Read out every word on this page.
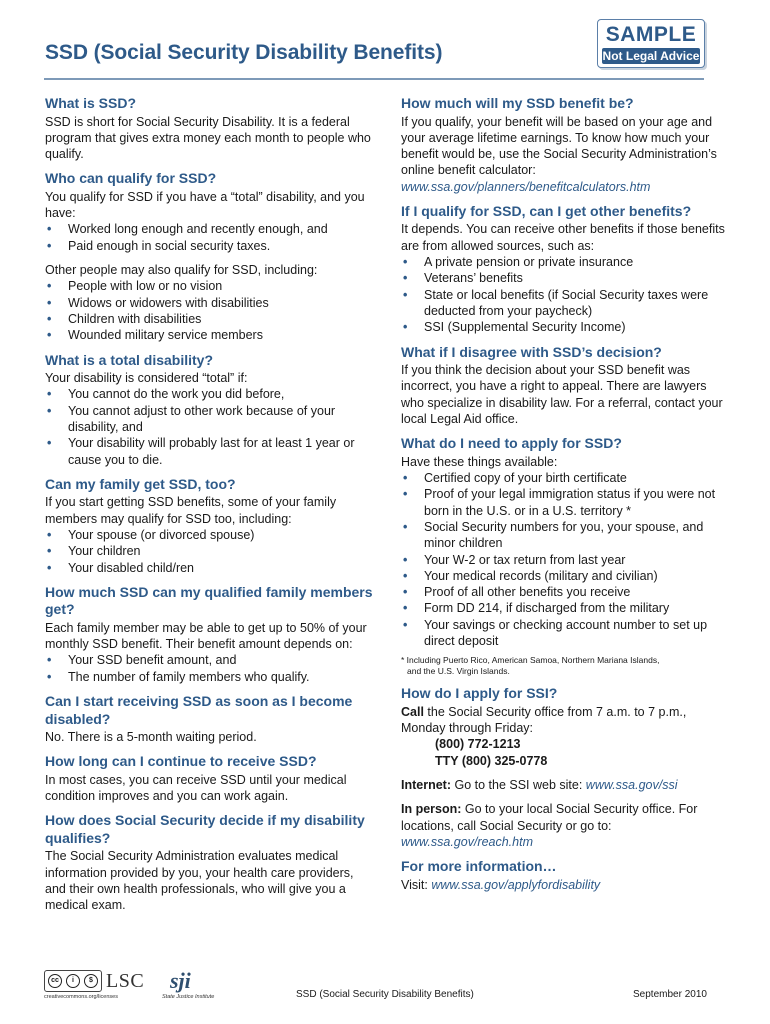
SSD (Social Security Disability Benefits)
SAMPLE
Not Legal Advice
What is SSD?

SSD is short for Social Security Disability. It is a federal program that gives extra money each month to people who qualify.

Who can qualify for SSD?

You qualify for SSD if you have a “total” disability, and you have:

• Worked long enough and recently enough, and
• Paid enough in social security taxes.

Other people may also qualify for SSD, including:

• People with low or no vision
• Widows or widowers with disabilities
• Children with disabilities
• Wounded military service members
What is a total disability?

Your disability is considered “total” if:

• You cannot do the work you did before,
• You cannot adjust to other work because of your disability, and
• Your disability will probably last for at least 1 year or cause you to die.
Can my family get SSD, too?

If you start getting SSD benefits, some of your family members may qualify for SSD too, including:

• Your spouse (or divorced spouse)
• Your children
• Your disabled child/ren
How much SSD can my qualified family members get?

Each family member may be able to get up to 50% of your monthly SSD benefit. Their benefit amount depends on:

• Your SSD benefit amount, and
• The number of family members who qualify.
Can I start receiving SSD as soon as I become disabled?

No. There is a 5-month waiting period.

How long can I continue to receive SSD?

In most cases, you can receive SSD until your medical condition improves and you can work again.

How does Social Security decide if my disability qualifies?

The Social Security Administration evaluates medical information provided by you, your health care providers, and their own health professionals, who will give you a medical exam.

How much will my SSD benefit be?

If you qualify, your benefit will be based on your age and your average lifetime earnings. To know how much your benefit would be, use the Social Security Administration’s online benefit calculator:

www.ssa.gov/planners/benefitcalculators.htm

If I qualify for SSD, can I get other benefits?

It depends. You can receive other benefits if those benefits are from allowed sources, such as:

• A private pension or private insurance
• Veterans’ benefits
• State or local benefits (if Social Security taxes were deducted from your paycheck)
• SSI (Supplemental Security Income)
What if I disagree with SSD’s decision?

If you think the decision about your SSD benefit was incorrect, you have a right to appeal. There are lawyers who specialize in disability law. For a referral, contact your local Legal Aid office.

What do I need to apply for SSD?

Have these things available:

• Certified copy of your birth certificate
• Proof of your legal immigration status if you were not born in the U.S. or in a U.S. territory *
• Social Security numbers for you, your spouse, and minor children
• Your W-2 or tax return from last year
• Your medical records (military and civilian)
• Proof of all other benefits you receive
• Form DD 214, if discharged from the military
• Your savings or checking account number to set up direct deposit
* Including Puerto Rico, American Samoa, Northern Mariana Islands,
and the U.S. Virgin Islands.
How do I apply for SSI?

Call the Social Security office from 7 a.m. to 7 p.m., Monday through Friday:

(800) 772-1213

TTY (800) 325-0778

Internet: Go to the SSI web site: www.ssa.gov/ssi

In person: Go to your local Social Security office. For locations, call Social Security or go to:

www.ssa.gov/reach.htm

For more information…

Visit: www.ssa.gov/applyfordisability

cc	i	$
creativecommons.org/licenses
LSC sji
State Justice Institute	SSD (Social Security Disability Benefits)	September 2010
